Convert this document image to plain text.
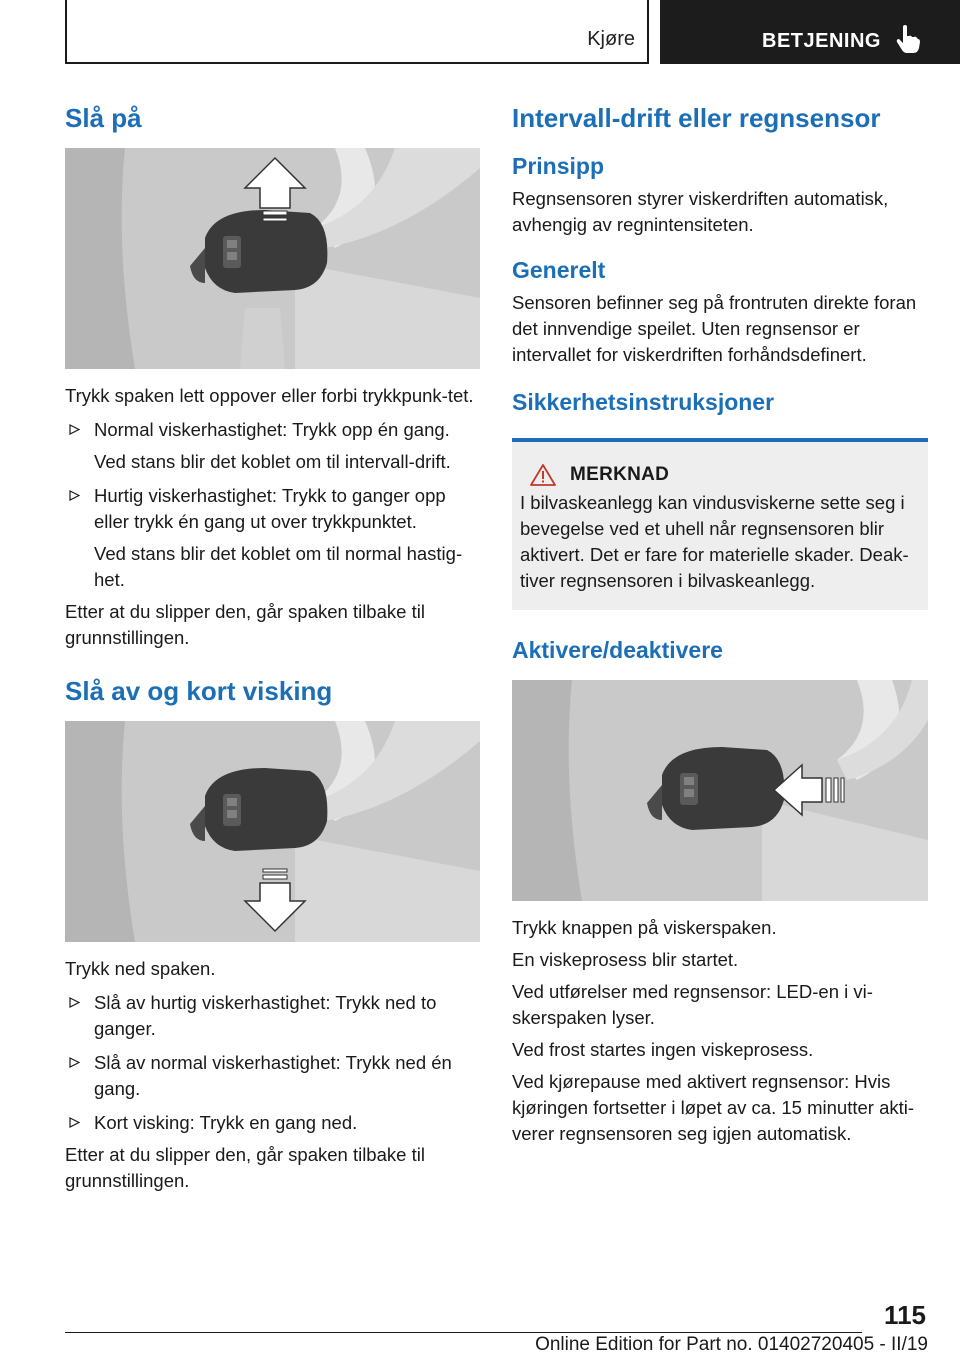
Kjøre	BETJENING
Slå på

Trykk spaken lett oppover eller forbi trykkpunk-tet.

Normal viskerhastighet: Trykk opp én gang.

Ved stans blir det koblet om til intervall-drift.

Hurtig viskerhastighet: Trykk to ganger opp eller trykk én gang ut over trykkpunktet.

Ved stans blir det koblet om til normal hastig-het.

Etter at du slipper den, går spaken tilbake til grunnstillingen.

Slå av og kort visking

Trykk ned spaken.

Slå av hurtig viskerhastighet: Trykk ned to ganger.
Slå av normal viskerhastighet: Trykk ned én gang.
Kort visking: Trykk en gang ned.

Etter at du slipper den, går spaken tilbake til grunnstillingen.

Intervall-drift eller regnsensor
Prinsipp

Regnsensoren styrer viskerdriften automatisk, avhengig av regnintensiteten.

Generelt

Sensoren befinner seg på frontruten direkte foran det innvendige speilet. Uten regnsensor er intervallet for viskerdriften forhåndsdefinert.

Sikkerhetsinstruksjoner
MERKNAD

I bilvaskeanlegg kan vindusviskerne sette seg i bevegelse ved et uhell når regnsensoren blir aktivert. Det er fare for materielle skader. Deak-tiver regnsensoren i bilvaskeanlegg.

Aktivere/deaktivere

Trykk knappen på viskerspaken.

En viskeprosess blir startet.

Ved utførelser med regnsensor: LED-en i vi-skerspaken lyser.

Ved frost startes ingen viskeprosess.

Ved kjørepause med aktivert regnsensor: Hvis kjøringen fortsetter i løpet av ca. 15 minutter akti-verer regnsensoren seg igjen automatisk.

115
Online Edition for Part no. 01402720405 - II/19
